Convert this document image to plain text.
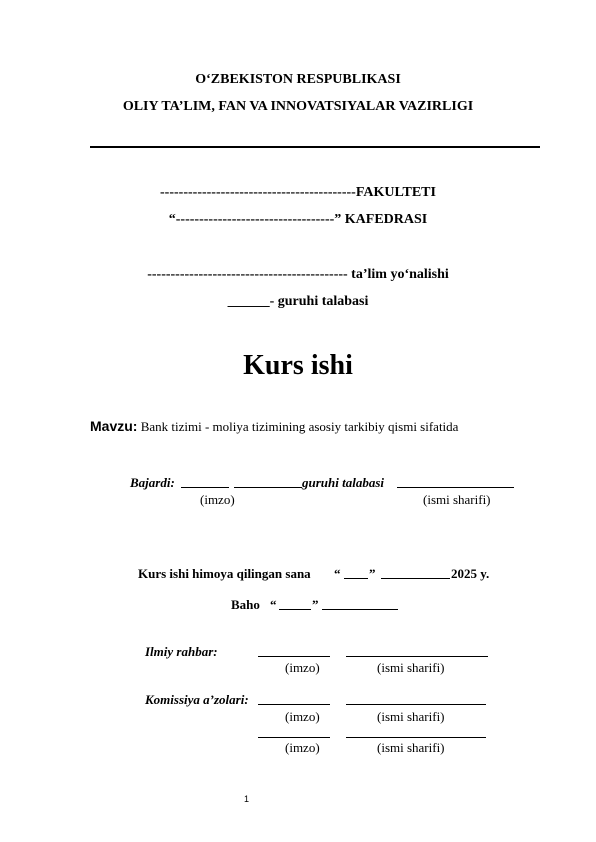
O‘ZBEKISTON RESPUBLIKASI
OLIY TA’LIM, FAN VA INNOVATSIYALAR VAZIRLIGI
------------------------------------------FAKULTETI
“----------------------------------” KAFEDRASI
------------------------------------------- ta’lim yo‘nalishi
______- guruhi talabasi
Kurs ishi
Mavzu: Bank tizimi - moliya tizimining asosiy tarkibiy qismi sifatida
Bajardi:	guruhi talabasi
(imzo)	(ismi sharifi)
Kurs ishi himoya qilingan sana “ ”	2025 y.
Baho “	”
Ilmiy rahbar:
(imzo)	(ismi sharifi)
Komissiya a’zolari:
(imzo)	(ismi sharifi)
(imzo)	(ismi sharifi)
1
